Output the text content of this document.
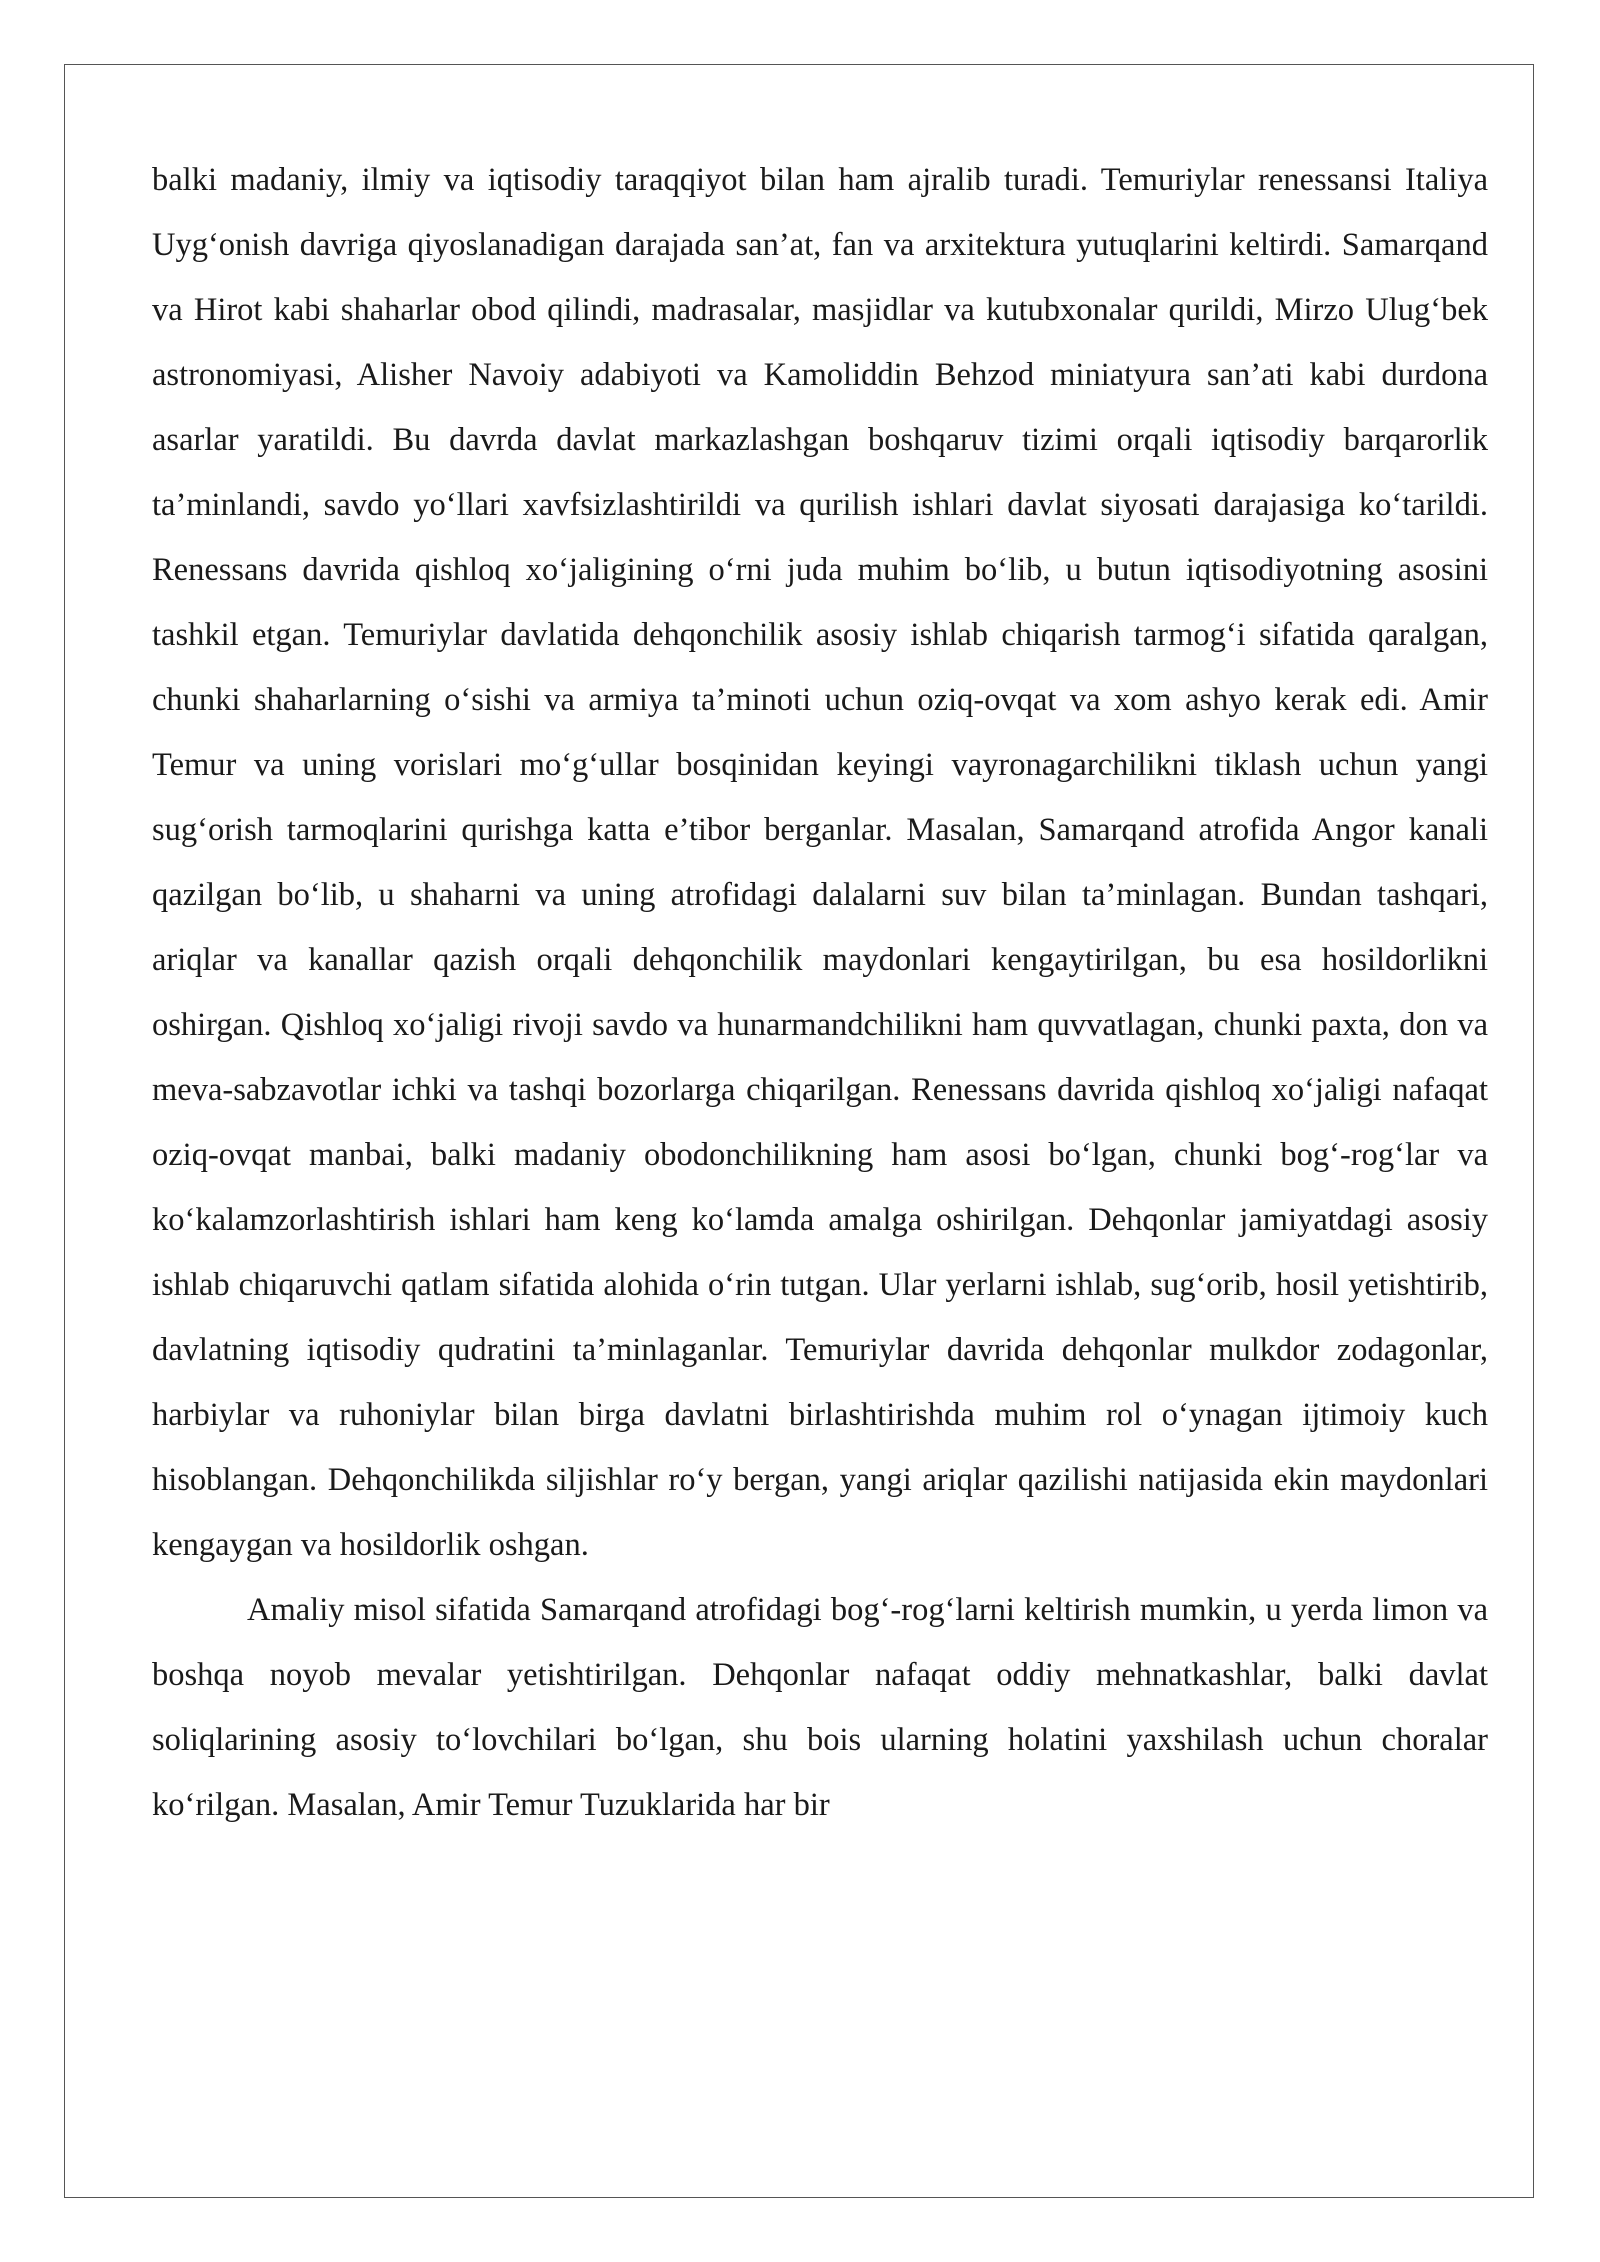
balki madaniy, ilmiy va iqtisodiy taraqqiyot bilan ham ajralib turadi. Temuriylar renessansi Italiya Uyg‘onish davriga qiyoslanadigan darajada san’at, fan va arxitektura yutuqlarini keltirdi. Samarqand va Hirot kabi shaharlar obod qilindi, madrasalar, masjidlar va kutubxonalar qurildi, Mirzo Ulug‘bek astronomiyasi, Alisher Navoiy adabiyoti va Kamoliddin Behzod miniatyura san’ati kabi durdona asarlar yaratildi. Bu davrda davlat markazlashgan boshqaruv tizimi orqali iqtisodiy barqarorlik ta’minlandi, savdo yo‘llari xavfsizlashtirildi va qurilish ishlari davlat siyosati darajasiga ko‘tarildi. Renessans davrida qishloq xo‘jaligining o‘rni juda muhim bo‘lib, u butun iqtisodiyotning asosini tashkil etgan. Temuriylar davlatida dehqonchilik asosiy ishlab chiqarish tarmog‘i sifatida qaralgan, chunki shaharlarning o‘sishi va armiya ta’minoti uchun oziq-ovqat va xom ashyo kerak edi. Amir Temur va uning vorislari mo‘g‘ullar bosqinidan keyingi vayronagarchilikni tiklash uchun yangi sug‘orish tarmoqlarini qurishga katta e’tibor berganlar. Masalan, Samarqand atrofida Angor kanali qazilgan bo‘lib, u shaharni va uning atrofidagi dalalarni suv bilan ta’minlagan. Bundan tashqari, ariqlar va kanallar qazish orqali dehqonchilik maydonlari kengaytirilgan, bu esa hosildorlikni oshirgan. Qishloq xo‘jaligi rivoji savdo va hunarmandchilikni ham quvvatlagan, chunki paxta, don va meva-sabzavotlar ichki va tashqi bozorlarga chiqarilgan. Renessans davrida qishloq xo‘jaligi nafaqat oziq-ovqat manbai, balki madaniy obodonchilikning ham asosi bo‘lgan, chunki bog‘-rog‘lar va ko‘kalamzorlashtirish ishlari ham keng ko‘lamda amalga oshirilgan. Dehqonlar jamiyatdagi asosiy ishlab chiqaruvchi qatlam sifatida alohida o‘rin tutgan. Ular yerlarni ishlab, sug‘orib, hosil yetishtirib, davlatning iqtisodiy qudratini ta’minlaganlar. Temuriylar davrida dehqonlar mulkdor zodagonlar, harbiylar va ruhoniylar bilan birga davlatni birlashtirishda muhim rol o‘ynagan ijtimoiy kuch hisoblangan. Dehqonchilikda siljishlar ro‘y bergan, yangi ariqlar qazilishi natijasida ekin maydonlari kengaygan va hosildorlik oshgan.

Amaliy misol sifatida Samarqand atrofidagi bog‘-rog‘larni keltirish mumkin, u yerda limon va boshqa noyob mevalar yetishtirilgan. Dehqonlar nafaqat oddiy mehnatkashlar, balki davlat soliqlarining asosiy to‘lovchilari bo‘lgan, shu bois ularning holatini yaxshilash uchun choralar ko‘rilgan. Masalan, Amir Temur Tuzuklarida har bir
